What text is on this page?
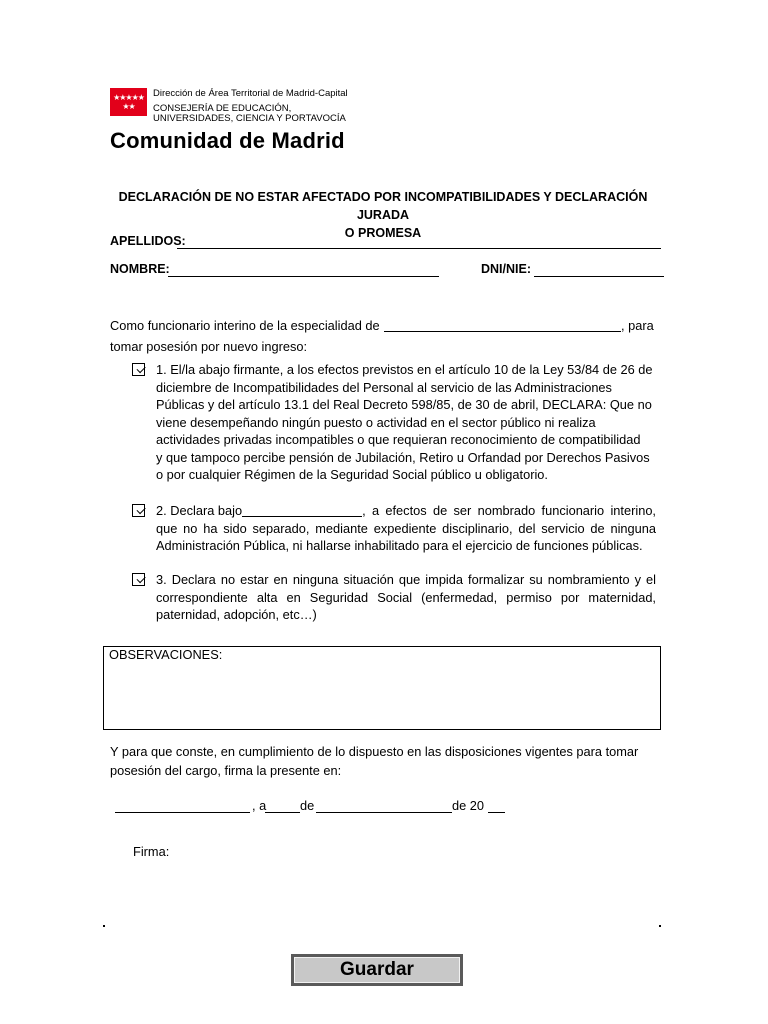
★★★★★★★
Dirección de Área Territorial de Madrid-Capital
CONSEJERÍA DE EDUCACIÓN,
UNIVERSIDADES, CIENCIA Y PORTAVOCÍA
Comunidad de Madrid
DECLARACIÓN DE NO ESTAR AFECTADO POR INCOMPATIBILIDADES Y DECLARACIÓN JURADA
O PROMESA
APELLIDOS:
NOMBRE:	DNI/NIE:
Como funcionario interino de la especialidad de	, para
tomar posesión por nuevo ingreso:
1. El/la abajo firmante, a los efectos previstos en el artículo 10 de la Ley 53/84 de 26 de
diciembre de Incompatibilidades del Personal al servicio de las Administraciones
Públicas y del artículo 13.1 del Real Decreto 598/85, de 30 de abril, DECLARA: Que no
viene desempeñando ningún puesto o actividad en el sector público ni realiza
actividades privadas incompatibles o que requieran reconocimiento de compatibilidad
y que tampoco percibe pensión de Jubilación, Retiro u Orfandad por Derechos Pasivos
o por cualquier Régimen de la Seguridad Social público u obligatorio.
2. Declara bajo	, a efectos de ser nombrado funcionario interino,
que no ha sido separado, mediante expediente disciplinario, del servicio de ninguna
Administración Pública, ni hallarse inhabilitado para el ejercicio de funciones públicas.
3. Declara no estar en ninguna situación que impida formalizar su nombramiento y el
correspondiente alta en Seguridad Social (enfermedad, permiso por maternidad,
paternidad, adopción, etc…)
OBSERVACIONES:
Y para que conste, en cumplimiento de lo dispuesto en las disposiciones vigentes para tomar
posesión del cargo, firma la presente en:
, a	de	de 20
Firma:
Guardar
